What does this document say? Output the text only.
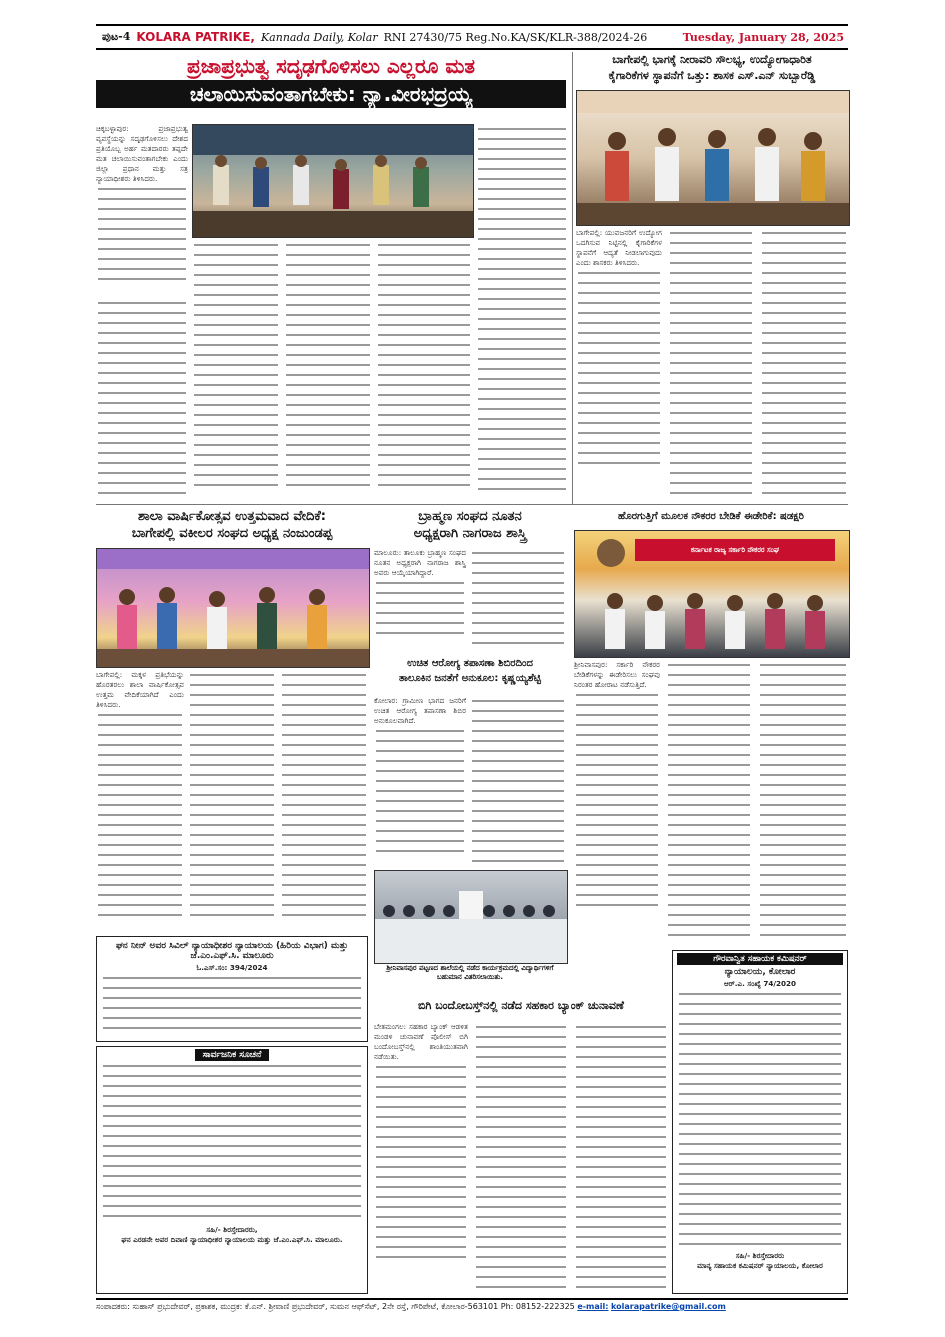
ಪುಟ-4 KOLARA PATRIKE, Kannada Daily, Kolar RNI 27430/75 Reg.No.KA/SK/KLR-388/2024-26	Tuesday, January 28, 2025
ಪ್ರಜಾಪ್ರಭುತ್ವ ಸದೃಢಗೊಳಿಸಲು ಎಲ್ಲರೂ ಮತ
ಚಲಾಯಿಸುವಂತಾಗಬೇಕು: ನ್ಯಾ.ವೀರಭದ್ರಯ್ಯ
ಚಿಕ್ಕಬಳ್ಳಾಪುರ: ಪ್ರಜಾಪ್ರಭುತ್ವ ವ್ಯವಸ್ಥೆಯನ್ನು ಸದೃಢಗೊಳಿಸಲು ದೇಶದ ಪ್ರತಿಯೊಬ್ಬ ಅರ್ಹ ಮತದಾರರು ತಪ್ಪದೇ ಮತ ಚಲಾಯಿಸುವಂತಾಗಬೇಕು ಎಂದು ಜಿಲ್ಲಾ ಪ್ರಧಾನ ಮತ್ತು ಸತ್ರ ನ್ಯಾಯಾಧೀಶರು ತಿಳಿಸಿದರು.
ಬಾಗೇಪಲ್ಲಿ ಭಾಗಕ್ಕೆ ನೀರಾವರಿ ಸೌಲಭ್ಯ, ಉದ್ಯೋಗಾಧಾರಿತ
ಕೈಗಾರಿಕೆಗಳ ಸ್ಥಾಪನೆಗೆ ಒತ್ತು: ಶಾಸಕ ಎಸ್.ಎನ್ ಸುಬ್ಬಾರೆಡ್ಡಿ
ಬಾಗೇಪಲ್ಲಿ: ಯುವಜನರಿಗೆ ಉದ್ಯೋಗ ಒದಗಿಸುವ ನಿಟ್ಟಿನಲ್ಲಿ ಕೈಗಾರಿಕೆಗಳ ಸ್ಥಾಪನೆಗೆ ಆದ್ಯತೆ ನೀಡಲಾಗುವುದು ಎಂದು ಶಾಸಕರು ತಿಳಿಸಿದರು.
ಶಾಲಾ ವಾರ್ಷಿಕೋತ್ಸವ ಉತ್ತಮವಾದ ವೇದಿಕೆ:
ಬಾಗೇಪಲ್ಲಿ ವಕೀಲರ ಸಂಘದ ಅಧ್ಯಕ್ಷ ನಂಜುಂಡಪ್ಪ
ಬಾಗೇಪಲ್ಲಿ: ಮಕ್ಕಳ ಪ್ರತಿಭೆಯನ್ನು ಹೊರತರಲು ಶಾಲಾ ವಾರ್ಷಿಕೋತ್ಸವ ಉತ್ತಮ ವೇದಿಕೆಯಾಗಿದೆ ಎಂದು ತಿಳಿಸಿದರು.
ಬ್ರಾಹ್ಮಣ ಸಂಘದ ನೂತನ
ಅಧ್ಯಕ್ಷರಾಗಿ ನಾಗರಾಜ ಶಾಸ್ತ್ರಿ
ಮಾಲೂರು: ತಾಲೂಕು ಬ್ರಾಹ್ಮಣ ಸಂಘದ ನೂತನ ಅಧ್ಯಕ್ಷರಾಗಿ ನಾಗರಾಜ ಶಾಸ್ತ್ರಿ ಅವರು ಆಯ್ಕೆಯಾಗಿದ್ದಾರೆ.
ಉಚಿತ ಆರೋಗ್ಯ ತಪಾಸಣಾ ಶಿಬಿರದಿಂದ
ತಾಲೂಕಿನ ಜನತೆಗೆ ಅನುಕೂಲ: ಕೃಷ್ಣಯ್ಯಶೆಟ್ಟಿ
ಕೋಲಾರ: ಗ್ರಾಮೀಣ ಭಾಗದ ಜನರಿಗೆ ಉಚಿತ ಆರೋಗ್ಯ ತಪಾಸಣಾ ಶಿಬಿರ ಅನುಕೂಲವಾಗಿದೆ.
ಶ್ರೀನಿವಾಸಪುರ ಪಟ್ಟಣದ ಶಾಲೆಯಲ್ಲಿ ನಡೆದ ಕಾರ್ಯಕ್ರಮದಲ್ಲಿ ವಿದ್ಯಾರ್ಥಿಗಳಿಗೆ ಬಹುಮಾನ ವಿತರಿಸಲಾಯಿತು.
ಹೊರಗುತ್ತಿಗೆ ಮೂಲಕ ನೌಕರರ ಬೇಡಿಕೆ ಈಡೇರಿಕೆ: ಷಡಕ್ಷರಿ
ಕರ್ನಾಟಕ ರಾಜ್ಯ ಸರ್ಕಾರಿ ನೌಕರರ ಸಂಘ
ಶ್ರೀನಿವಾಸಪುರ: ಸರ್ಕಾರಿ ನೌಕರರ ಬೇಡಿಕೆಗಳನ್ನು ಈಡೇರಿಸಲು ಸಂಘವು ನಿರಂತರ ಹೋರಾಟ ನಡೆಸುತ್ತಿದೆ.
ಘನ ನೀನ್ ಅವರ ಸಿವಿಲ್ ನ್ಯಾಯಾಧೀಶರ ನ್ಯಾಯಾಲಯ (ಹಿರಿಯ ವಿಭಾಗ) ಮತ್ತು ಜೆ.ಎಂ.ಎಫ್.ಸಿ. ಮಾಲೂರು
ಓ.ಎಸ್.ಸಂ: 394/2024
ಸಾರ್ವಜನಿಕ ಸೂಚನೆ
ಸಹಿ/- ಶಿರಸ್ತೇದಾರರು,
ಘನ ಎರಡನೇ ಅಪರ ದಿವಾಣಿ ನ್ಯಾಯಾಧೀಶರ ನ್ಯಾಯಾಲಯ ಮತ್ತು ಜೆ.ಎಂ.ಎಫ್.ಸಿ. ಮಾಲೂರು.
ಬಿಗಿ ಬಂದೋಬಸ್ತ್‌ನಲ್ಲಿ ನಡೆದ ಸಹಕಾರ ಬ್ಯಾಂಕ್ ಚುನಾವಣೆ
ಬೇತಮಂಗಲ: ಸಹಕಾರ ಬ್ಯಾಂಕ್ ಆಡಳಿತ ಮಂಡಳಿ ಚುನಾವಣೆ ಪೊಲೀಸ್ ಬಿಗಿ ಬಂದೋಬಸ್ತ್‌ನಲ್ಲಿ ಶಾಂತಿಯುತವಾಗಿ ನಡೆಯಿತು.
ಗೌರವಾನ್ವಿತ ಸಹಾಯಕ ಕಮಿಷನರ್
ನ್ಯಾಯಾಲಯ, ಕೋಲಾರ
ಆರ್.ಎ. ಸಂಖ್ಯೆ 74/2020
ಸಹಿ/- ಶಿರಸ್ತೇದಾರರು
ಮಾನ್ಯ ಸಹಾಯಕ ಕಮಿಷನರ್ ನ್ಯಾಯಾಲಯ, ಕೋಲಾರ
ಸಂಪಾದಕರು: ಸುಹಾಸ್ ಪ್ರಭುದೇವರ್, ಪ್ರಕಾಶಕ, ಮುದ್ರಕ: ಕೆ.ಎನ್. ಶ್ರೀವಾಣಿ ಪ್ರಭುದೇವರ್, ಸುಮನ ಆಫ್‌ಸೆಟ್, 2ನೇ ರಸ್ತೆ, ಗೌರಿಪೇಟೆ, ಕೋಲಾರ-563101 Ph: 08152-222325 e-mail: kolarapatrike@gmail.com
